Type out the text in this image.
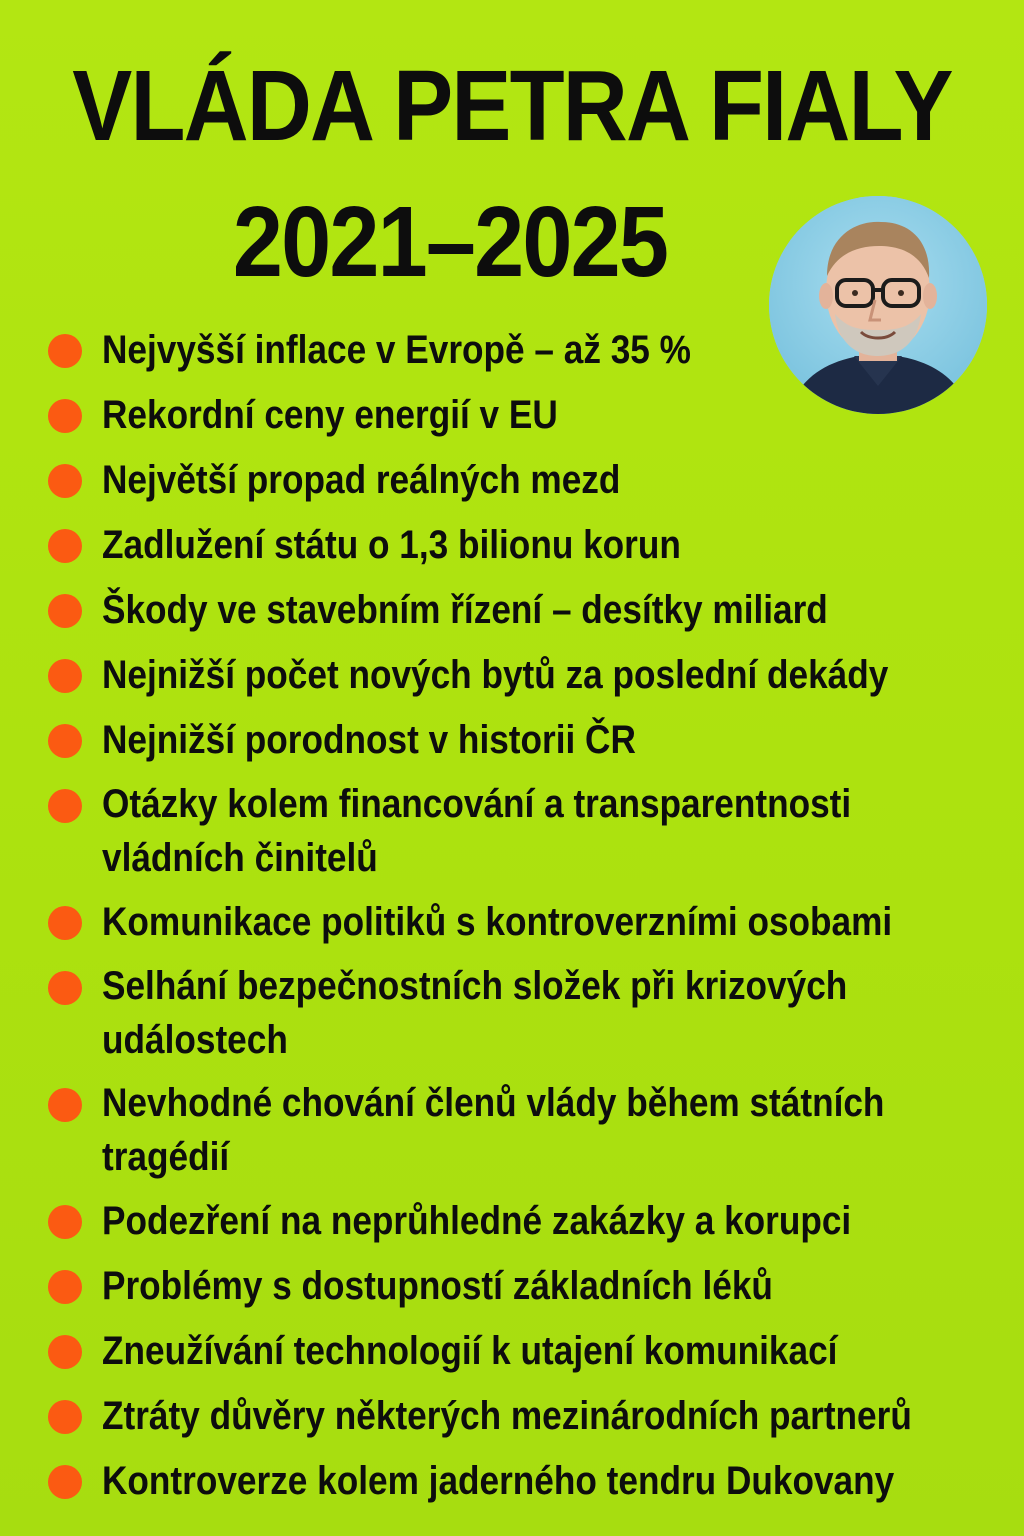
VLÁDA PETRA FIALY
2021–2025
Nejvyšší inflace v Evropě – až 35 %
Rekordní ceny energií v EU
Největší propad reálných mezd
Zadlužení státu o 1,3 bilionu korun
Škody ve stavebním řízení – desítky miliard
Nejnižší počet nových bytů za poslední dekády
Nejnižší porodnost v historii ČR
Otázky kolem financování a transparentnosti
vládních činitelů
Komunikace politiků s kontroverzními osobami
Selhání bezpečnostních složek při krizových
událostech
Nevhodné chování členů vlády během státních
tragédií
Podezření na neprůhledné zakázky a korupci
Problémy s dostupností základních léků
Zneužívání technologií k utajení komunikací
Ztráty důvěry některých mezinárodních partnerů
Kontroverze kolem jaderného tendru Dukovany
